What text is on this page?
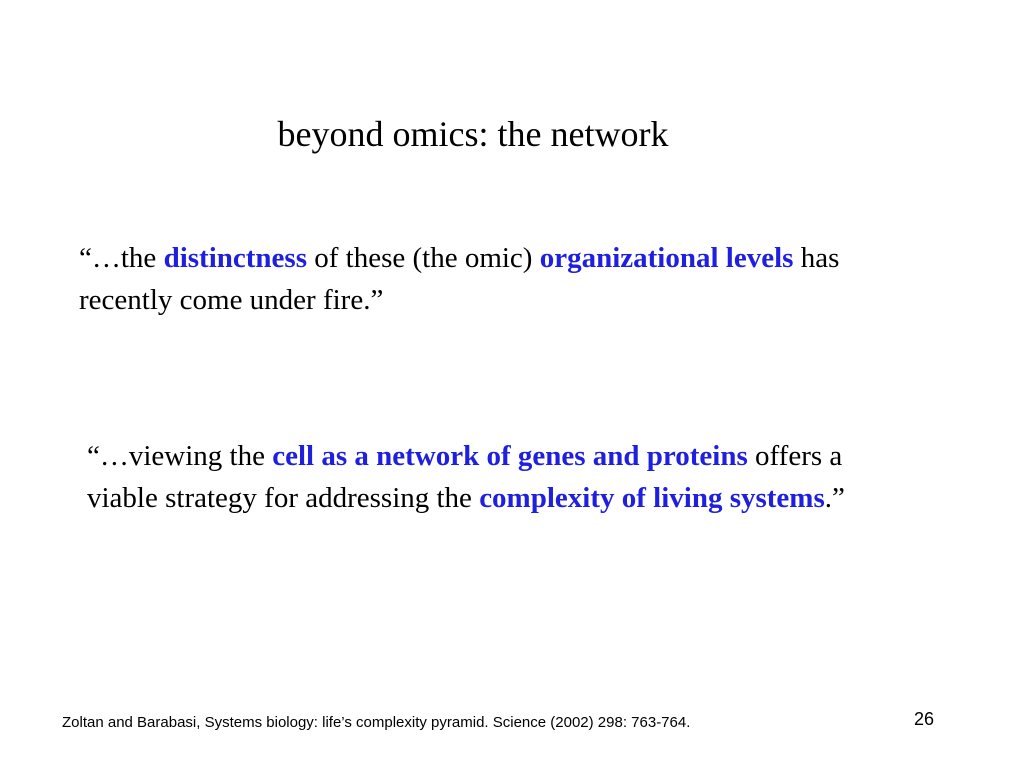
beyond omics: the network

“…the distinctness of these (the omic) organizational levels has recently come under fire.”

“…viewing the cell as a network of genes and proteins offers a viable strategy for addressing the complexity of living systems.”

Zoltan and Barabasi, Systems biology: life’s complexity pyramid. Science (2002) 298: 763-764.	26
